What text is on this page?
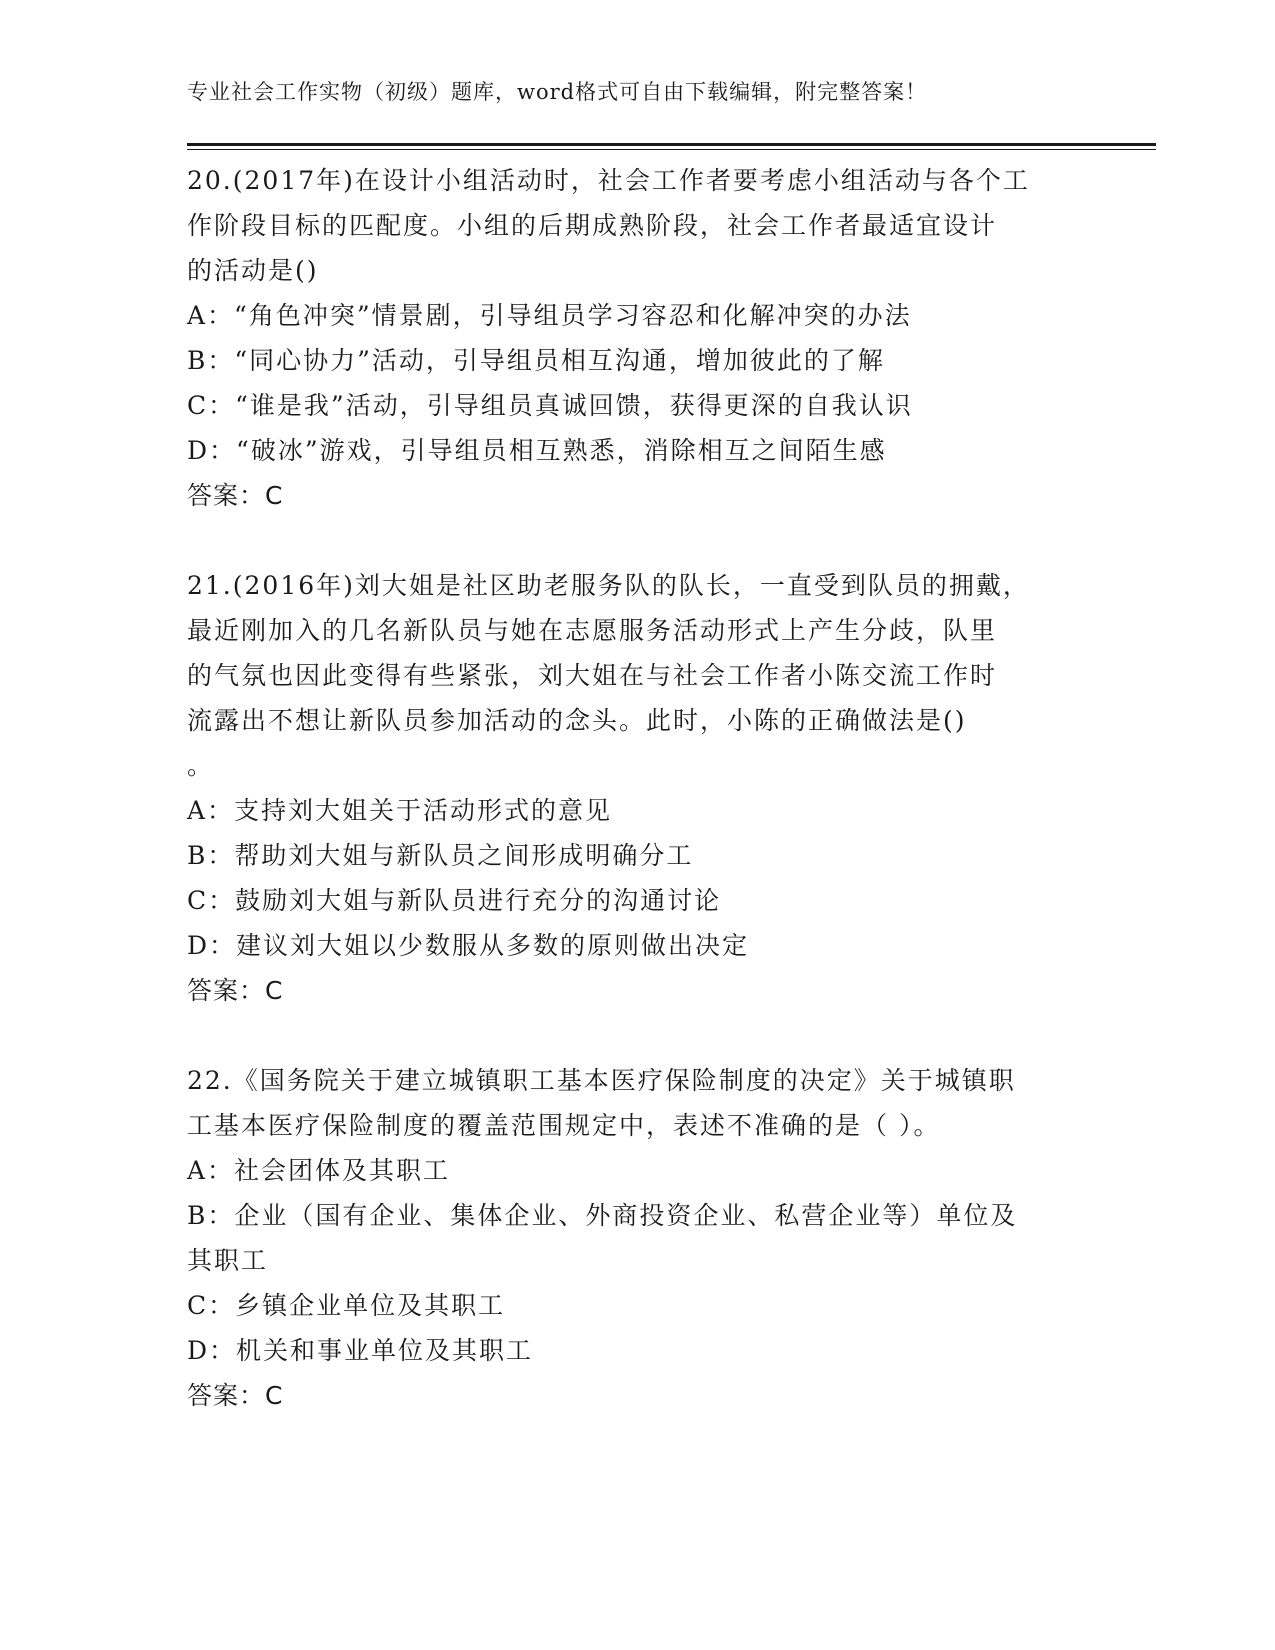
专业社会工作实物（初级）题库，word格式可自由下载编辑，附完整答案！

20.(2017年)在设计小组活动时，社会工作者要考虑小组活动与各个工

作阶段目标的匹配度。小组的后期成熟阶段，社会工作者最适宜设计

的活动是()

A：“角色冲突”情景剧，引导组员学习容忍和化解冲突的办法

B：“同心协力”活动，引导组员相互沟通，增加彼此的了解

C：“谁是我”活动，引导组员真诚回馈，获得更深的自我认识

D：“破冰”游戏，引导组员相互熟悉，消除相互之间陌生感

答案：C

21.(2016年)刘大姐是社区助老服务队的队长，一直受到队员的拥戴，

最近刚加入的几名新队员与她在志愿服务活动形式上产生分歧，队里

的气氛也因此变得有些紧张，刘大姐在与社会工作者小陈交流工作时

流露出不想让新队员参加活动的念头。此时，小陈的正确做法是()

。

A：支持刘大姐关于活动形式的意见

B：帮助刘大姐与新队员之间形成明确分工

C：鼓励刘大姐与新队员进行充分的沟通讨论

D：建议刘大姐以少数服从多数的原则做出决定

答案：C

22.《国务院关于建立城镇职工基本医疗保险制度的决定》关于城镇职

工基本医疗保险制度的覆盖范围规定中，表述不准确的是（ ）。

A：社会团体及其职工

B：企业（国有企业、集体企业、外商投资企业、私营企业等）单位及

其职工

C：乡镇企业单位及其职工

D：机关和事业单位及其职工

答案：C
